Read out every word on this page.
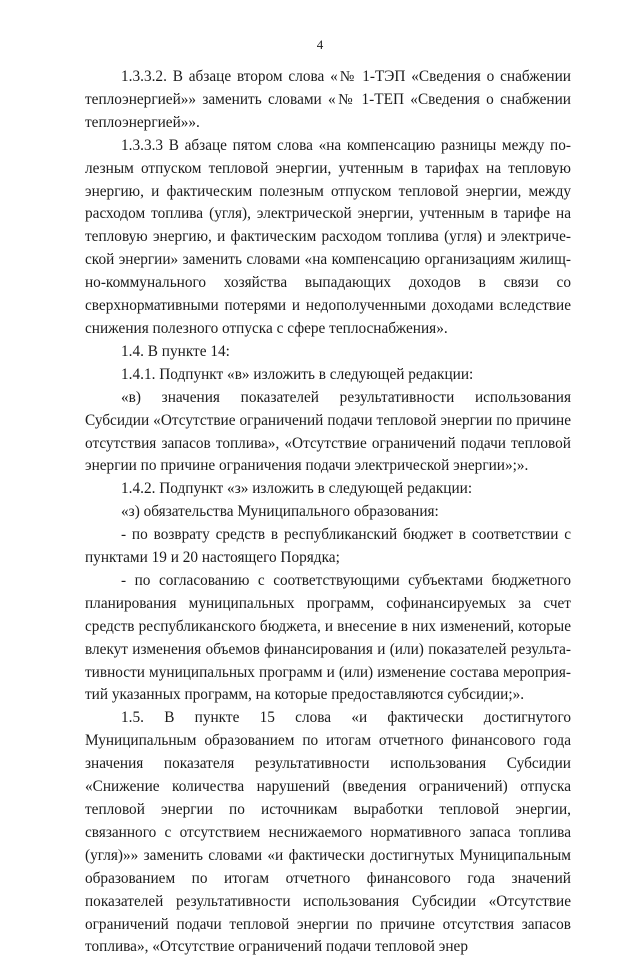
4

1.3.3.2. В абзаце втором слова «№ 1-ТЭП «Сведения о снабжении теплоэнергией»» заменить словами «№ 1-ТЕП «Сведения о снабжении теплоэнергией»».

1.3.3.3 В абзаце пятом слова «на компенсацию разницы между полезным отпуском тепловой энергии, учтенным в тарифах на тепловую энергию, и фактическим полезным отпуском тепловой энергии, между расходом топлива (угля), электрической энергии, учтенным в тарифе на тепловую энергию, и фактическим расходом топлива (угля) и электрической энергии» заменить словами «на компенсацию организациям жилищно-коммунального хозяйства выпадающих доходов в связи со сверхнормативными потерями и недополученными доходами вследствие снижения полезного отпуска с сфере теплоснабжения».

1.4. В пункте 14:

1.4.1. Подпункт «в» изложить в следующей редакции:

«в) значения показателей результативности использования Субсидии «Отсутствие ограничений подачи тепловой энергии по причине отсутствия запасов топлива», «Отсутствие ограничений подачи тепловой энергии по причине ограничения подачи электрической энергии»;».

1.4.2. Подпункт «з» изложить в следующей редакции:

«з) обязательства Муниципального образования:

- по возврату средств в республиканский бюджет в соответствии с пунктами 19 и 20 настоящего Порядка;

- по согласованию с соответствующими субъектами бюджетного планирования муниципальных программ, софинансируемых за счет средств республиканского бюджета, и внесение в них изменений, которые влекут изменения объемов финансирования и (или) показателей результативности муниципальных программ и (или) изменение состава мероприятий указанных программ, на которые предоставляются субсидии;».

1.5. В пункте 15 слова «и фактически достигнутого Муниципальным образованием по итогам отчетного финансового года значения показателя результативности использования Субсидии «Снижение количества нарушений (введения ограничений) отпуска тепловой энергии по источникам выработки тепловой энергии, связанного с отсутствием неснижаемого нормативного запаса топлива (угля)»» заменить словами «и фактически достигнутых Муниципальным образованием по итогам отчетного финансового года значений показателей результативности использования Субсидии «Отсутствие ограничений подачи тепловой энергии по причине отсутствия запасов топлива», «Отсутствие ограничений подачи тепловой энер
